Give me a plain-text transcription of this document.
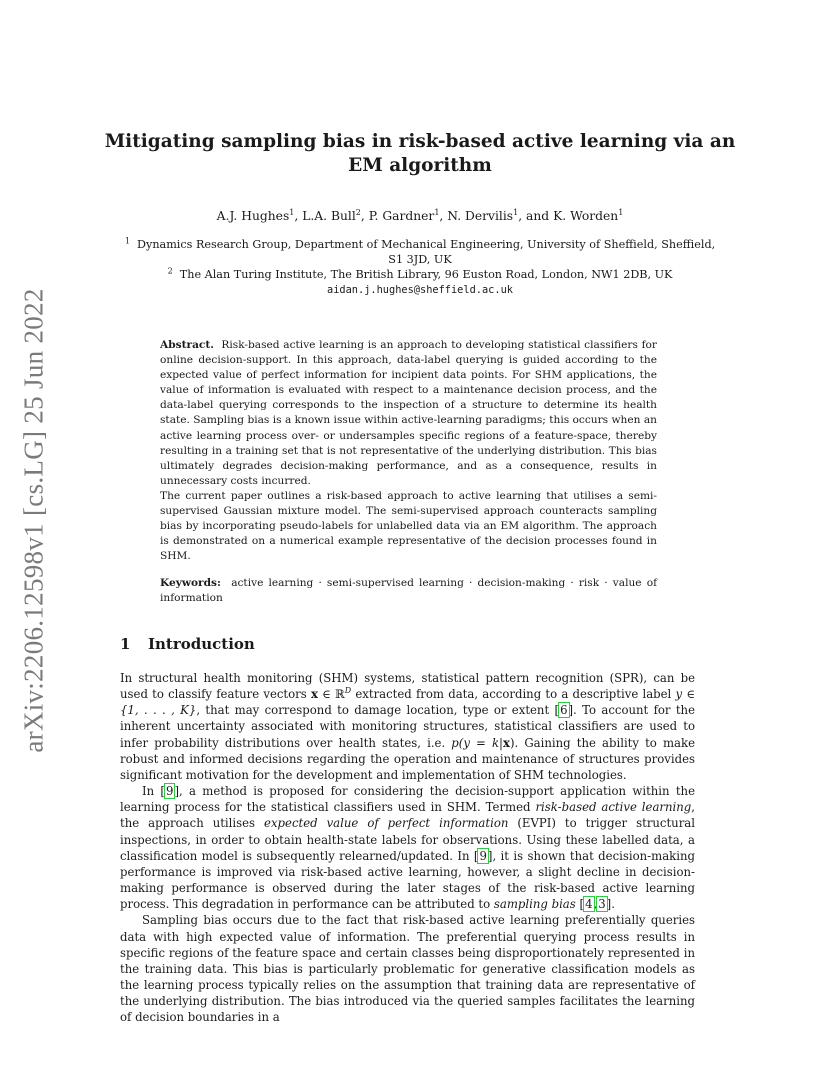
arXiv:2206.12598v1 [cs.LG] 25 Jun 2022
Mitigating sampling bias in risk-based active learning via an EM algorithm
A.J. Hughes$^1$, L.A. Bull$^2$, P. Gardner$^1$, N. Dervilis$^1$, and K. Worden$^1$

$^1$ Dynamics Research Group, Department of Mechanical Engineering, University of Sheffield, Sheffield, S1 3JD, UK

$^2$ The Alan Turing Institute, The British Library, 96 Euston Road, London, NW1 2DB, UK

aidan.j.hughes@sheffield.ac.uk

Abstract. Risk-based active learning is an approach to developing statistical classifiers for online decision-support. In this approach, data-label querying is guided according to the expected value of perfect information for incipient data points. For SHM applications, the value of information is evaluated with respect to a maintenance decision process, and the data-label querying corresponds to the inspection of a structure to determine its health state. Sampling bias is a known issue within active-learning paradigms; this occurs when an active learning process over- or undersamples specific regions of a feature-space, thereby resulting in a training set that is not representative of the underlying distribution. This bias ultimately degrades decision-making performance, and as a consequence, results in unnecessary costs incurred.

The current paper outlines a risk-based approach to active learning that utilises a semi-supervised Gaussian mixture model. The semi-supervised approach counteracts sampling bias by incorporating pseudo-labels for unlabelled data via an EM algorithm. The approach is demonstrated on a numerical example representative of the decision processes found in SHM.

Keywords: active learning · semi-supervised learning · decision-making · risk · value of information
1 Introduction

In structural health monitoring (SHM) systems, statistical pattern recognition (SPR), can be used to classify feature vectors x ∈ ℝ$^D$ extracted from data, according to a descriptive label y ∈ {1, . . . , K}, that may correspond to damage location, type or extent [6]. To account for the inherent uncertainty associated with monitoring structures, statistical classifiers are used to infer probability distributions over health states, i.e. p(y = k|x). Gaining the ability to make robust and informed decisions regarding the operation and maintenance of structures provides significant motivation for the development and implementation of SHM technologies.

In [9], a method is proposed for considering the decision-support application within the learning process for the statistical classifiers used in SHM. Termed risk-based active learning, the approach utilises expected value of perfect information (EVPI) to trigger structural inspections, in order to obtain health-state labels for observations. Using these labelled data, a classification model is subsequently relearned/updated. In [9], it is shown that decision-making performance is improved via risk-based active learning, however, a slight decline in decision-making performance is observed during the later stages of the risk-based active learning process. This degradation in performance can be attributed to sampling bias [4,3].

Sampling bias occurs due to the fact that risk-based active learning preferentially queries data with high expected value of information. The preferential querying process results in specific regions of the feature space and certain classes being disproportionately represented in the training data. This bias is particularly problematic for generative classification models as the learning process typically relies on the assumption that training data are representative of the underlying distribution. The bias introduced via the queried samples facilitates the learning of decision boundaries in a
